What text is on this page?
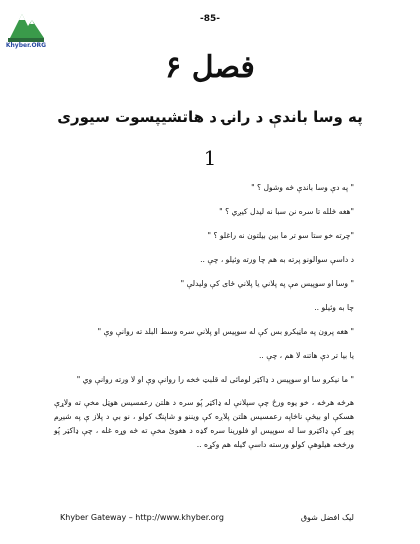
Khyber.ORG
-85-
فصل ۶
په وسا باندې د رانۍ د هاتشيپسوت سيورى
1
" په دې وسا باندې څه وشول ؟ "
"هغه څلله تا سره نن سبا نه ليدل کيږي ؟ "
"چرته خو ستا سو تر ما بين بيلتون نه راغلو ؟ "
د داسې سوالونو پرته به هم چا ورته وئيلو ، چې ..
" وسا او سوپيس مې په پلاني يا پلاني ځاى کې وليدلې "
چا به وئيلو ..
" هغه پرون په ماڼيکرو بس کې له سوپيس او پلاني سره وسط البلد ته روانې وې "
يا بيا تر دې هاتنه لا هم ، چې ..
" ما نيکرو سا او سوپيس د ډاکټر لومائى له قلبټ څخه را روانې وې او لا ورته روانې وي "
هرڅه هرڅه ، خو يوه ورځ چې سپلانې له ډاکټر پُو سره د هلتن رعمسيس هوټل مخې ته ولاړې هسکې او بيځې ناڅاپه رعمسيس هلتن پلاږه کې ويننو و شاپنګ کولو ، نو بي د پلاز ې په شيږم پوړ کې ډاکټرو سا له سوپيس او فلورينا سره ګډه د هغوئ مخې ته څه وړه غله ، چې ډاکټر پُو ورڅخه هيلوهې کولو ورسته داسې ګيله هم وکړه ..
Khyber Gateway – http://www.khyber.org	ليک افضل شوق
